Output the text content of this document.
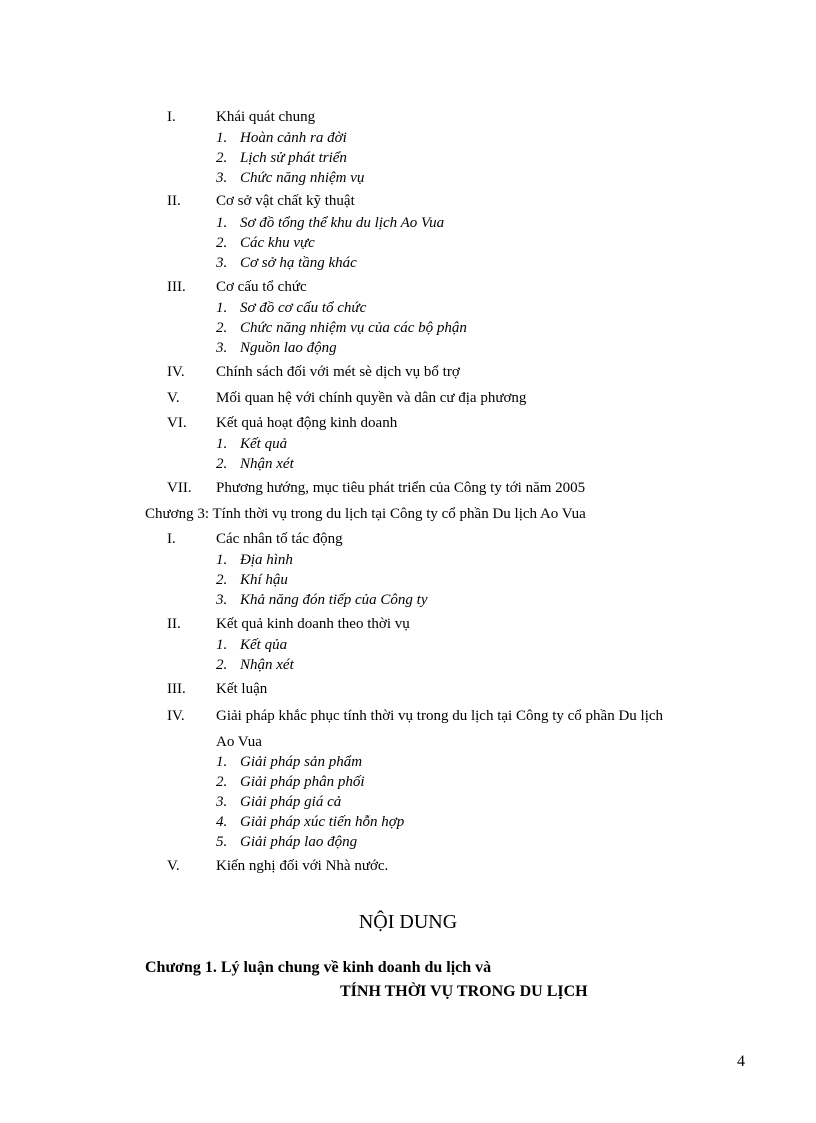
I.	Khái quát chung
1. Hoàn cảnh ra đời
2. Lịch sử phát triển
3. Chức năng nhiệm vụ
II. Cơ sở vật chất kỹ thuật
1. Sơ đồ tổng thể khu du lịch Ao Vua
2. Các khu vực
3. Cơ sở hạ tầng khác
III. Cơ cấu tổ chức
1. Sơ đồ cơ cấu tổ chức
2. Chức năng nhiệm vụ của các bộ phận
3. Nguồn lao động
IV. Chính sách đối với mét sè dịch vụ bổ trợ
V. Mối quan hệ với chính quyền và dân cư địa phương
VI. Kết quả hoạt động kinh doanh
1. Kết quả
2. Nhận xét
VII. Phương hướng, mục tiêu phát triển của Công ty tới năm 2005
Chương 3: Tính thời vụ trong du lịch tại Công ty cổ phần Du lịch Ao Vua
I.	Các nhân tố tác động
1. Địa hình
2. Khí hậu
3. Khả năng đón tiếp của Công ty
II. Kết quả kinh doanh theo thời vụ
1. Kết qủa
2. Nhận xét
III. Kết luận
IV. Giải pháp khắc phục tính thời vụ trong du lịch tại Công ty cổ phần Du lịch
Ao Vua
1. Giải pháp sản phẩm
2. Giải pháp phân phối
3. Giải pháp giá cả
4. Giải pháp xúc tiến hỗn hợp
5. Giải pháp lao động
V. Kiến nghị đối với Nhà nước.
NỘI DUNG
Chương 1. Lý luận chung về kinh doanh du lịch và
TÍNH THỜI VỤ TRONG DU LỊCH
4
